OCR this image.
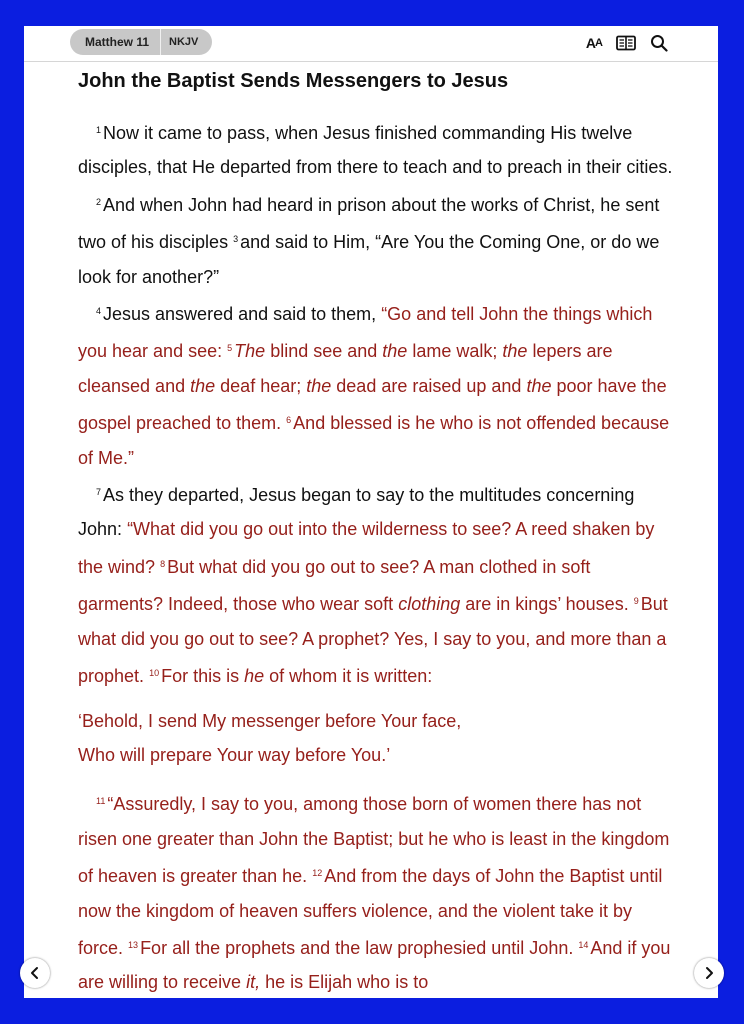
Matthew 11	NKJV	A A
John the Baptist Sends Messengers to Jesus

$^1$ Now it came to pass, when Jesus finished commanding His twelve disciples, that He departed from there to teach and to preach in their cities.

$^2$ And when John had heard in prison about the works of Christ, he sent two of his disciples $^3$ and said to Him, “Are You the Coming One, or do we look for another?”

$^4$ Jesus answered and said to them, “Go and tell John the things which you hear and see: $^5$ The blind see and the lame walk; the lepers are cleansed and the deaf hear; the dead are raised up and the poor have the gospel preached to them. $^6$ And blessed is he who is not offended because of Me.”

$^7$ As they departed, Jesus began to say to the multitudes concerning John: “What did you go out into the wilderness to see? A reed shaken by the wind? $^8$ But what did you go out to see? A man clothed in soft garments? Indeed, those who wear soft clothing are in kings’ houses. $^9$ But what did you go out to see? A prophet? Yes, I say to you, and more than a prophet. $^{10}$ For this is he of whom it is written:

‘Behold, I send My messenger before Your face,

Who will prepare Your way before You.’

$^{11}$ “Assuredly, I say to you, among those born of women there has not risen one greater than John the Baptist; but he who is least in the kingdom of heaven is greater than he. $^{12}$ And from the days of John the Baptist until now the kingdom of heaven suffers violence, and the violent take it by force. $^{13}$ For all the prophets and the law prophesied until John. $^{14}$ And if you are willing to receive it, he is Elijah who is to
